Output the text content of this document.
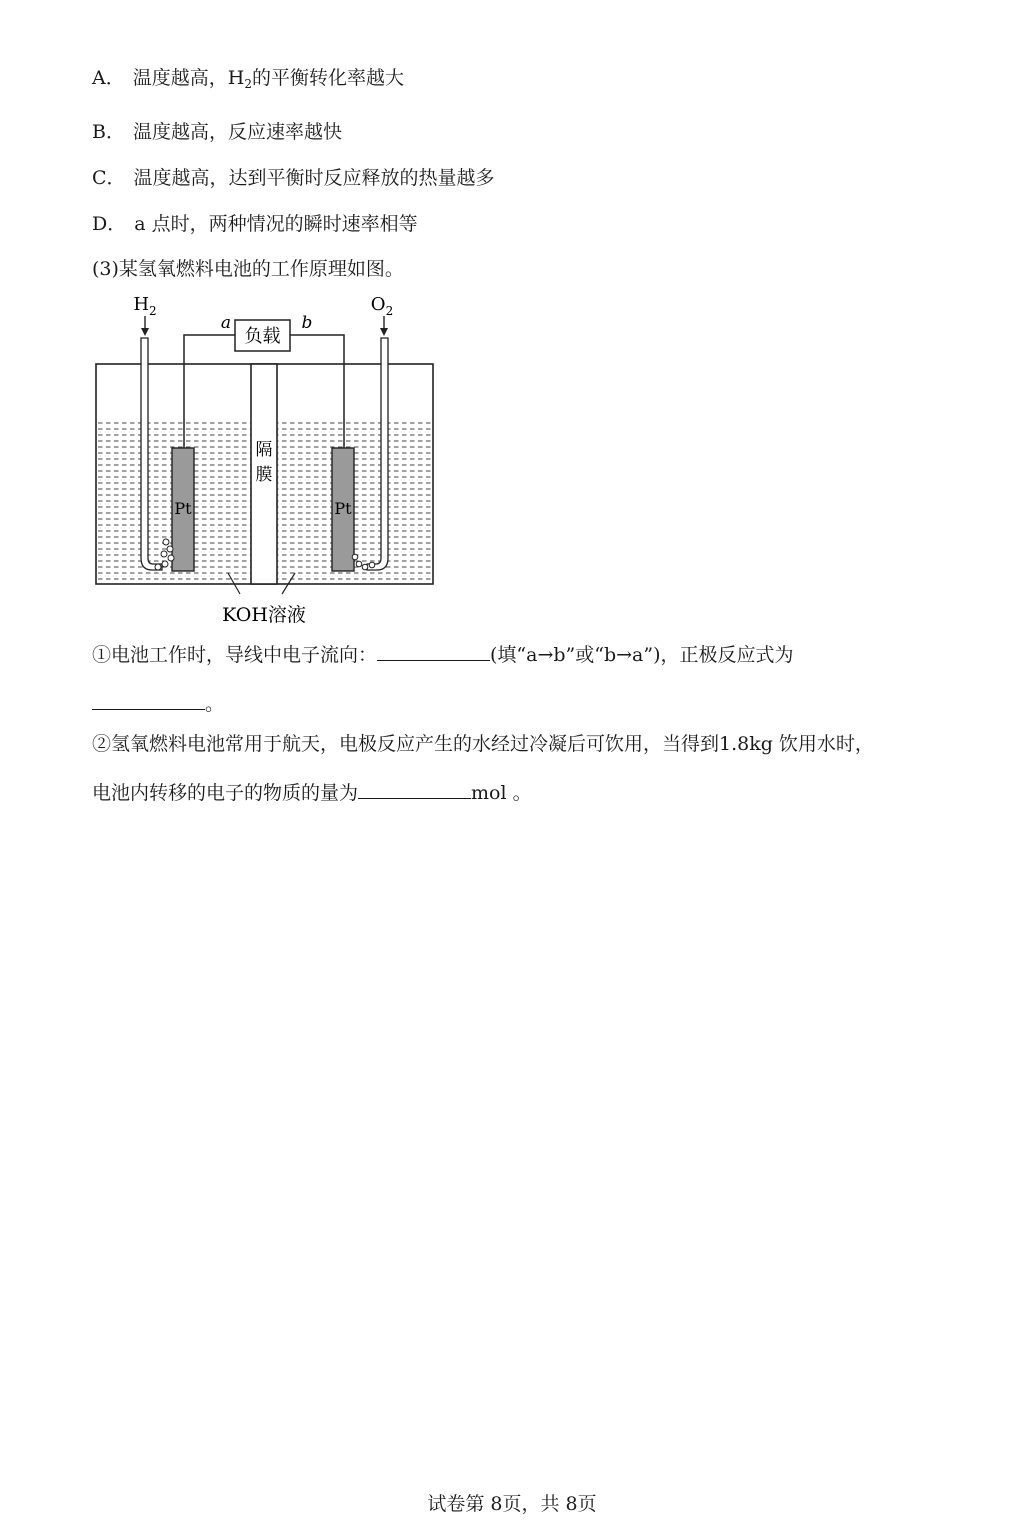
A． 温度越高，$H_2$的平衡转化率越大
B． 温度越高，反应速率越快
C． 温度越高，达到平衡时反应释放的热量越多
D． a 点时，两种情况的瞬时速率相等
(3)某氢氧燃料电池的工作原理如图。
隔
膜
负载
a	b
Pt	Pt
$H_2$	$O_2$
KOH溶液
①电池工作时，导线中电子流向：	(填“a→b”或“b→a”)，正极反应式为
。
②氢氧燃料电池常用于航天，电极反应产生的水经过冷凝后可饮用，当得到1.8kg 饮用水时，
电池内转移的电子的物质的量为	mol 。
试卷第 8页，共 8页
